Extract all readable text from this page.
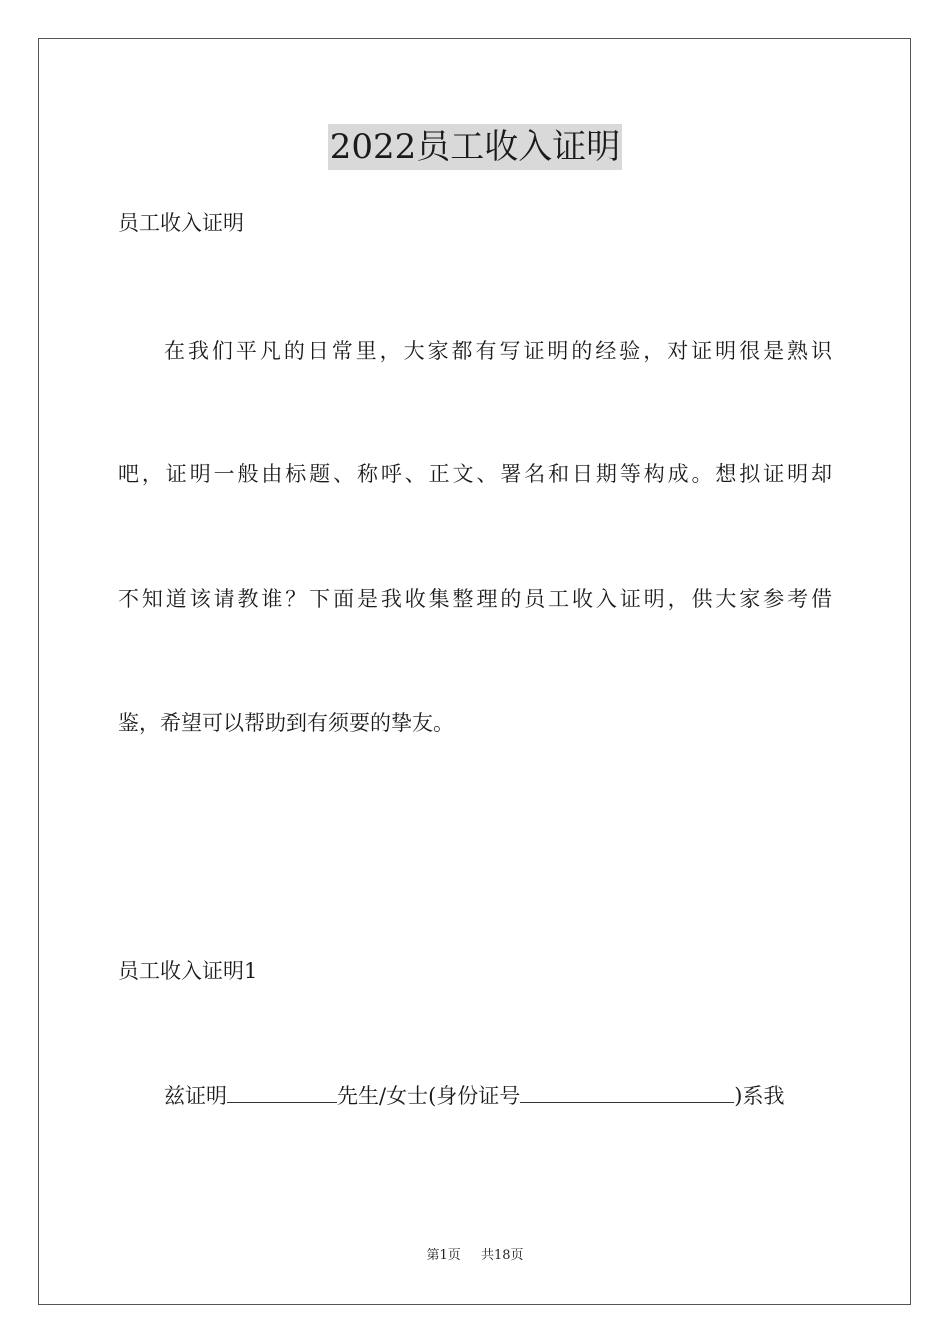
2022员工收入证明
员工收入证明
在我们平凡的日常里，大家都有写证明的经验，对证明很是熟识
吧，证明一般由标题、称呼、正文、署名和日期等构成。想拟证明却
不知道该请教谁？下面是我收集整理的员工收入证明，供大家参考借
鉴，希望可以帮助到有须要的挚友。
员工收入证明1
兹证明	先生/女士(身份证号	)系我
第1页 共18页
